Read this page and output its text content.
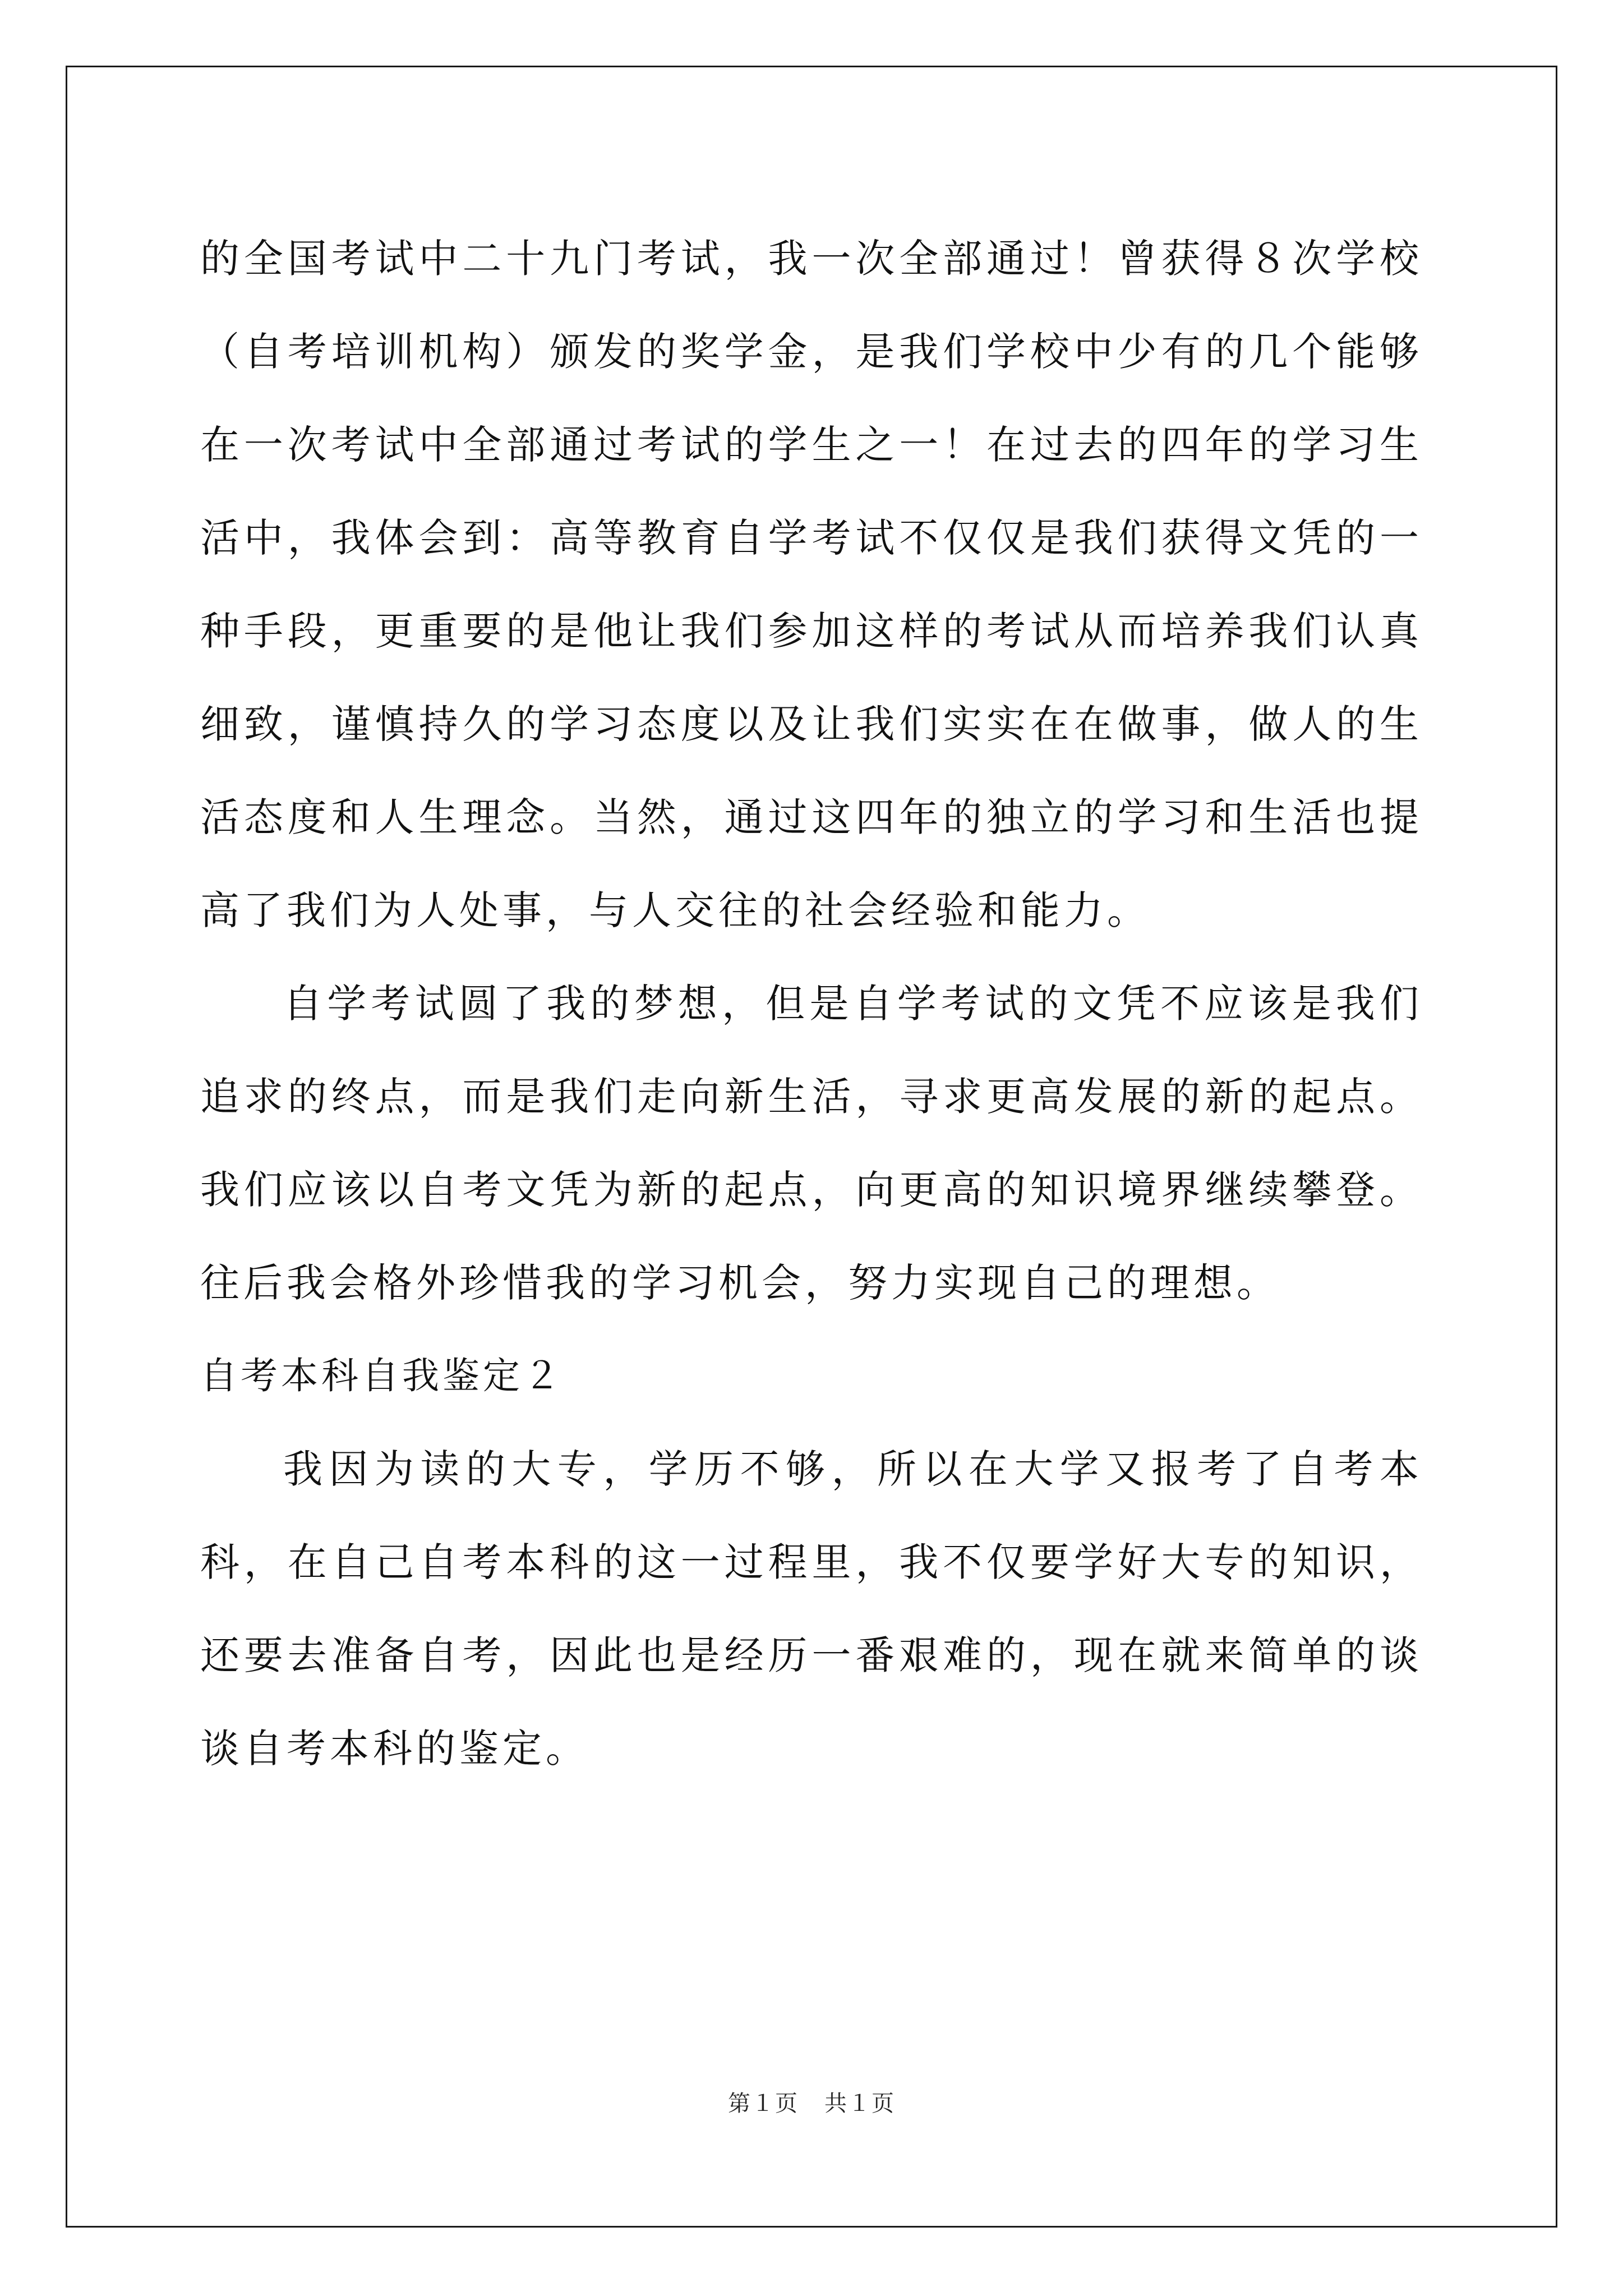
的全国考试中二十九门考试，我一次全部通过！曾获得８次学校（自考培训机构）颁发的奖学金，是我们学校中少有的几个能够在一次考试中全部通过考试的学生之一！在过去的四年的学习生活中，我体会到：高等教育自学考试不仅仅是我们获得文凭的一种手段，更重要的是他让我们参加这样的考试从而培养我们认真细致，谨慎持久的学习态度以及让我们实实在在做事，做人的生活态度和人生理念。当然，通过这四年的独立的学习和生活也提高了我们为人处事，与人交往的社会经验和能力。

自学考试圆了我的梦想，但是自学考试的文凭不应该是我们追求的终点，而是我们走向新生活，寻求更高发展的新的起点。我们应该以自考文凭为新的起点，向更高的知识境界继续攀登。往后我会格外珍惜我的学习机会，努力实现自己的理想。

自考本科自我鉴定２

我因为读的大专，学历不够，所以在大学又报考了自考本科，在自己自考本科的这一过程里，我不仅要学好大专的知识，还要去准备自考，因此也是经历一番艰难的，现在就来简单的谈谈自考本科的鉴定。

第１页 共１页
